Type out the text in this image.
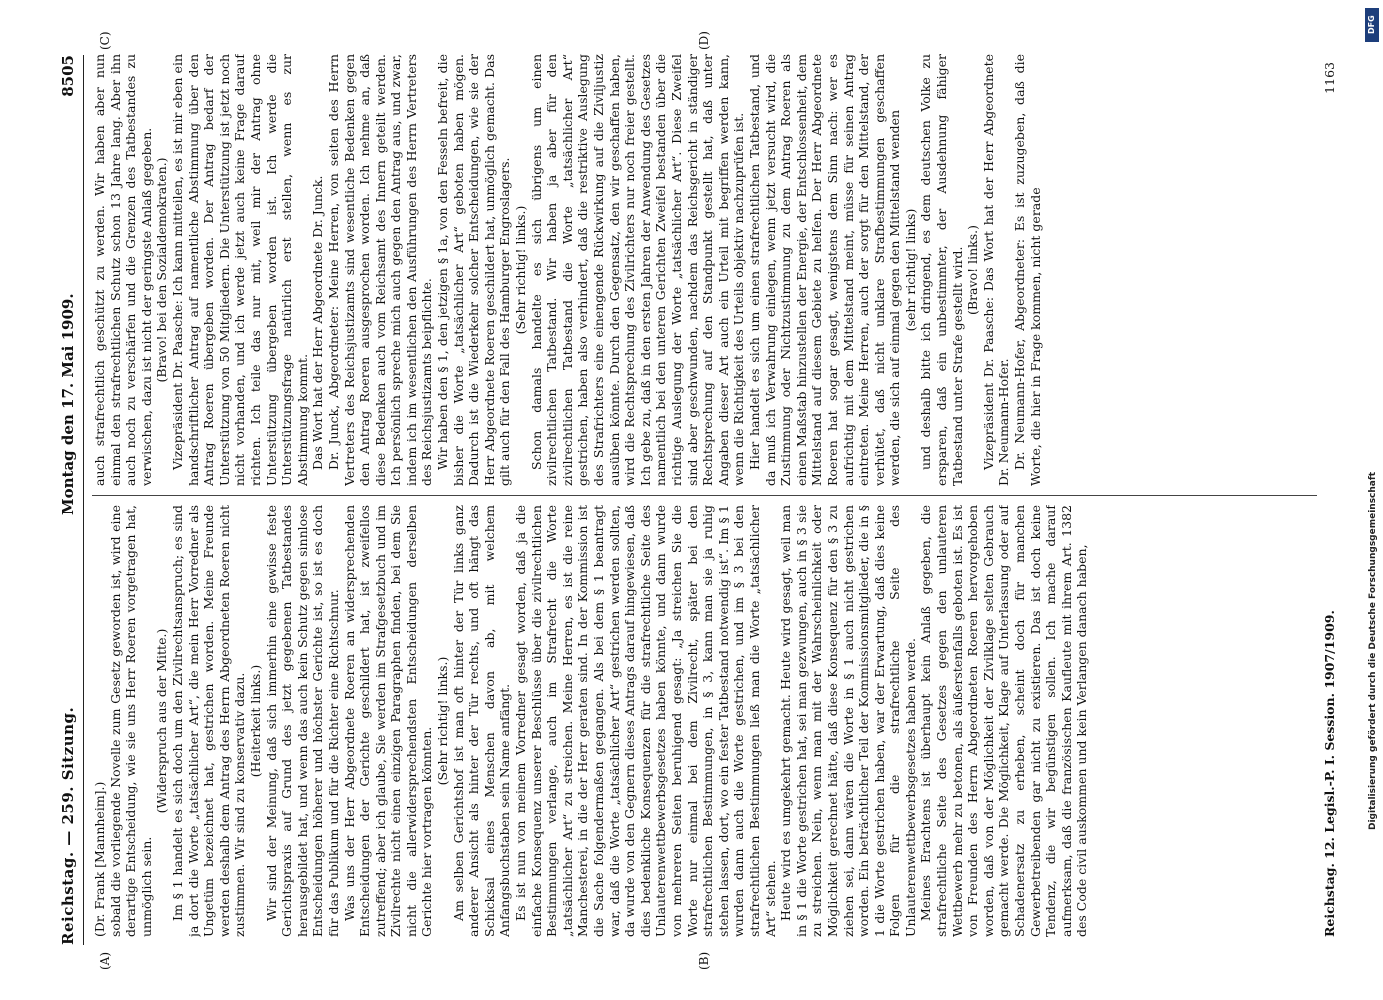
Reichstag. — 259. Sitzung.
Montag den 17. Mai 1909.
8505
(A)	(B)
(C)	(D)

(Dr. Frank [Mannheim].) sobald die vorliegende Novelle zum Gesetz geworden ist, wird eine derartige Entscheidung, wie sie uns Herr Roeren vorgetragen hat, unmöglich sein.

(Widerspruch aus der Mitte.) Im § 1 handelt es sich doch um den Zivilrechtsanspruch; es sind ja dort die Worte „tatsächlicher Art“, die mein Herr Vorredner als Ungetüm bezeichnet hat, gestrichen worden. Meine Freunde werden deshalb dem Antrag des Herrn Abgeordneten Roeren nicht zustimmen. Wir sind zu konservativ dazu. (Heiterkeit links.) Wir sind der Meinung, daß sich immerhin eine gewisse feste Gerichtspraxis auf Grund des jetzt gegebenen Tatbestandes herausgebildet hat, und wenn das auch kein Schutz gegen sinnlose Entscheidungen höherer und höchster Gerichte ist, so ist es doch für das Publikum und für die Richter eine Richtschnur. Was uns der Herr Abgeordnete Roeren an widersprechenden Entscheidungen der Gerichte geschildert hat, ist zweifellos zutreffend; aber ich glaube, Sie werden im Strafgesetzbuch und im Zivilrechte nicht einen einzigen Paragraphen finden, bei dem Sie nicht die allerwidersprechendsten Entscheidungen derselben Gerichte hier vortragen könnten.

(Sehr richtig! links.) Am selben Gerichtshof ist man oft hinter der Tür links ganz anderer Ansicht als hinter der Tür rechts, und oft hängt das Schicksal eines Menschen davon ab, mit welchem Anfangsbuchstaben sein Name anfängt. Es ist nun von meinem Vorredner gesagt worden, daß ja die einfache Konsequenz unserer Beschlüsse über die zivilrechtlichen Bestimmungen verlange, auch im Strafrecht die Worte „tatsächlicher Art“ zu streichen. Meine Herren, es ist die reine Manchesterei, in die der Herr geraten sind. In der Kommission ist die Sache folgendermaßen gegangen. Als bei dem § 1 beantragt war, daß die Worte „tatsächlicher Art“ gestrichen werden sollten, da wurde von den Gegnern dieses Antrags darauf hingewiesen, daß dies bedenkliche Konsequenzen für die strafrechtliche Seite des Unlauterenwettbewerbsgesetzes haben könnte, und dann wurde von mehreren Seiten beruhigend gesagt: „Ja streichen Sie die Worte nur einmal bei dem Zivilrecht, später bei den strafrechtlichen Bestimmungen, in § 3, kann man sie ja ruhig stehen lassen, dort, wo ein fester Tatbestand notwendig ist“. Im § 1 wurden dann auch die Worte gestrichen, und im § 3 bei den strafrechtlichen Bestimmungen ließ man die Worte „tatsächlicher Art“ stehen. Heute wird es umgekehrt gemacht. Heute wird gesagt, weil man in § 1 die Worte gestrichen hat, sei man gezwungen, auch in § 3 sie zu streichen. Nein, wenn man mit der Wahrscheinlichkeit oder Möglichkeit gerechnet hätte, daß diese Konsequenz für den § 3 zu ziehen sei, dann wären die Worte in § 1 auch nicht gestrichen worden. Ein beträchtlicher Teil der Kommissionsmitglieder, die in § 1 die Worte gestrichen haben, war der Erwartung, daß dies keine Folgen für die strafrechtliche Seite des Unlauterenwettbewerbsgesetzes haben werde. Meines Erachtens ist überhaupt kein Anlaß gegeben, die strafrechtliche Seite des Gesetzes gegen den unlauteren Wettbewerb mehr zu betonen, als äußerstenfalls geboten ist. Es ist von Freunden des Herrn Abgeordneten Roeren hervorgehoben worden, daß von der Möglichkeit der Zivilklage selten Gebrauch gemacht werde. Die Möglichkeit, Klage auf Unterlassung oder auf Schadenersatz zu erheben, scheint doch für manchen Gewerbetreibenden gar nicht zu existieren. Das ist doch keine Tendenz, die wir begünstigen sollen. Ich mache darauf aufmerksam, daß die französischen Kaufleute mit ihrem Art. 1382 des Code civil auskommen und kein Verlangen danach haben,

auch strafrechtlich geschützt zu werden. Wir haben aber nun einmal den strafrechtlichen Schutz schon 13 Jahre lang. Aber ihn auch noch zu verschärfen und die Grenzen des Tatbestandes zu verwischen, dazu ist nicht der geringste Anlaß gegeben. (Bravo! bei den Sozialdemokraten.) Vizepräsident Dr. Paasche: Ich kann mitteilen, es ist mir eben ein handschriftlicher Antrag auf namentliche Abstimmung über den Antrag Roeren übergeben worden. Der Antrag bedarf der Unterstützung von 50 Mitgliedern. Die Unterstützung ist jetzt noch nicht vorhanden, und ich werde jetzt auch keine Frage darauf richten. Ich teile das nur mit, weil mir der Antrag ohne Unterstützung übergeben worden ist. Ich werde die Unterstützungsfrage natürlich erst stellen, wenn es zur Abstimmung kommt. Das Wort hat der Herr Abgeordnete Dr. Junck. Dr. Junck, Abgeordneter: Meine Herren, von seiten des Herrn Vertreters des Reichsjustizamts sind wesentliche Bedenken gegen den Antrag Roeren ausgesprochen worden. Ich nehme an, daß diese Bedenken auch vom Reichsamt des Innern geteilt werden. Ich persönlich spreche mich auch gegen den Antrag aus, und zwar, indem ich im wesentlichen den Ausführungen des Herrn Vertreters des Reichsjustizamts beipflichte. Wir haben den § 1, den jetzigen § 1a, von den Fesseln befreit, die bisher die Worte „tatsächlicher Art“ geboten haben mögen. Dadurch ist die Wiederkehr solcher Entscheidungen, wie sie der Herr Abgeordnete Roeren geschildert hat, unmöglich gemacht. Das gilt auch für den Fall des Hamburger Engroslagers. (Sehr richtig! links.) Schon damals handelte es sich übrigens um einen zivilrechtlichen Tatbestand. Wir haben ja aber für den zivilrechtlichen Tatbestand die Worte „tatsächlicher Art“ gestrichen, haben also verhindert, daß die restriktive Auslegung des Strafrichters eine einengende Rückwirkung auf die Ziviljustiz ausüben könnte. Durch den Gegensatz, den wir geschaffen haben, wird die Rechtsprechung des Zivilrichters nur noch freier gestellt. Ich gebe zu, daß in den ersten Jahren der Anwendung des Gesetzes namentlich bei den unteren Gerichten Zweifel bestanden über die richtige Auslegung der Worte „tatsächlicher Art“. Diese Zweifel sind aber geschwunden, nachdem das Reichsgericht in ständiger Rechtsprechung auf den Standpunkt gestellt hat, daß unter Angaben dieser Art auch ein Urteil mit begriffen werden kann, wenn die Richtigkeit des Urteils objektiv nachzuprüfen ist. Hier handelt es sich um einen strafrechtlichen Tatbestand, und da muß ich Verwahrung einlegen, wenn jetzt versucht wird, die Zustimmung oder Nichtzustimmung zu dem Antrag Roeren als einen Maßstab hinzustellen der Energie, der Entschlossenheit, dem Mittelstand auf diesem Gebiete zu helfen. Der Herr Abgeordnete Roeren hat sogar gesagt, wenigstens dem Sinn nach: wer es aufrichtig mit dem Mittelstand meint, müsse für seinen Antrag eintreten. Meine Herren, auch der sorgt für den Mittelstand, der verhütet, daß nicht unklare Strafbestimmungen geschaffen werden, die sich auf einmal gegen den Mittelstand wenden (sehr richtig! links) und deshalb bitte ich dringend, es dem deutschen Volke zu ersparen, daß ein unbestimmter, der Ausdehnung fähiger Tatbestand unter Strafe gestellt wird. (Bravo! links.) Vizepräsident Dr. Paasche: Das Wort hat der Herr Abgeordnete Dr. Neumann-Hofer. Dr. Neumann-Hofer, Abgeordneter: Es ist zuzugeben, daß die Worte, die hier in Frage kommen, nicht gerade

Reichstag. 12. Legisl.-P. I. Session. 1907/1909.
1163
DFG
Digitalisierung gefördert durch die Deutsche Forschungsgemeinschaft
